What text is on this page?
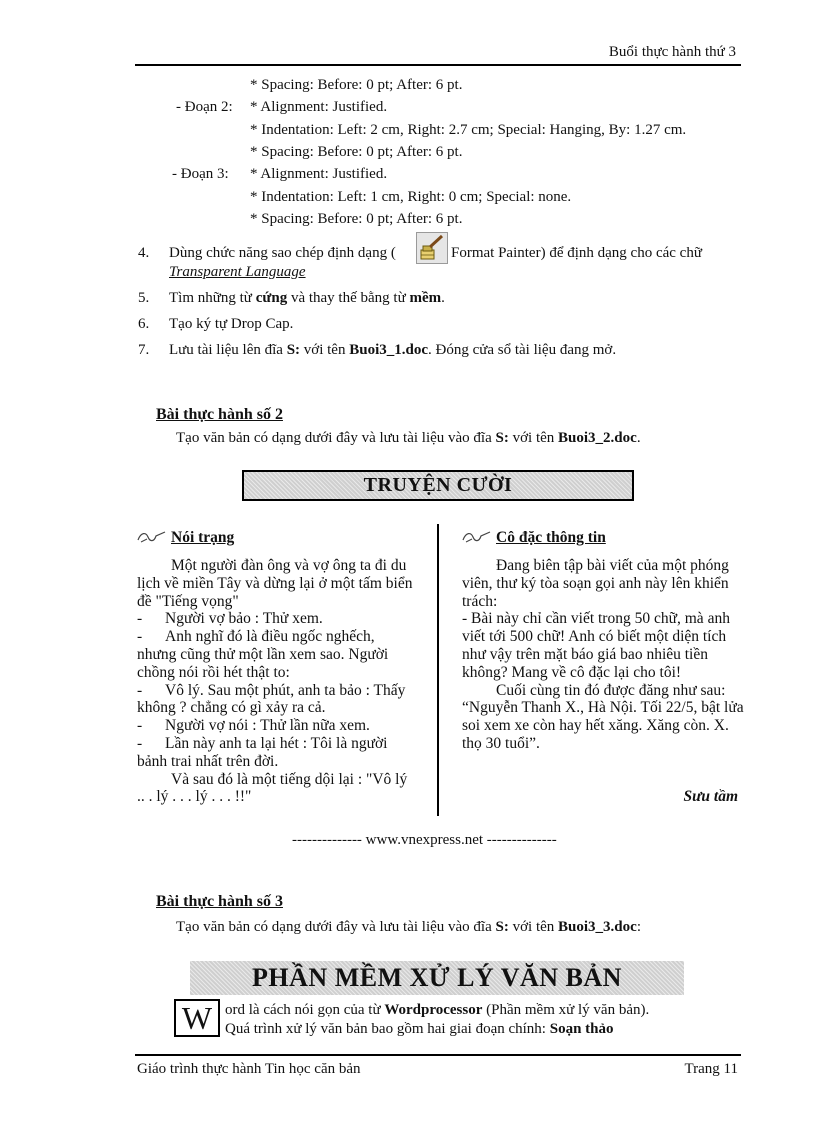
Buổi thực hành thứ 3
* Spacing: Before: 0 pt; After: 6 pt.
- Đoạn 2: * Alignment: Justified.
* Indentation: Left: 2 cm, Right: 2.7 cm; Special: Hanging, By: 1.27 cm.
* Spacing: Before: 0 pt; After: 6 pt.
- Đoạn 3: * Alignment: Justified.
* Indentation: Left: 1 cm, Right: 0 cm; Special: none.
* Spacing: Before: 0 pt; After: 6 pt.
4. Dùng chức năng sao chép định dạng (	Format Painter) để định dạng cho các chữ
Transparent Language
5. Tìm những từ cứng và thay thế bằng từ mềm.
6. Tạo ký tự Drop Cap.
7. Lưu tài liệu lên đĩa S: với tên Buoi3_1.doc. Đóng cửa sổ tài liệu đang mở.
Bài thực hành số 2
Tạo văn bản có dạng dưới đây và lưu tài liệu vào đĩa S: với tên Buoi3_2.doc.
TRUYỆN CƯỜI
Nói trạng

Một người đàn ông và vợ ông ta đi du lịch về miền Tây và dừng lại ở một tấm biển đề "Tiếng vọng"

-	Người vợ bảo : Thử xem.

- Anh nghĩ đó là điều ngốc nghếch, nhưng cũng thử một lần xem sao. Người chồng nói rồi hét thật to:

- Vô lý. Sau một phút, anh ta bảo : Thấy không ? chẳng có gì xảy ra cả.

-	Người vợ nói : Thử lần nữa xem.

- Lần này anh ta lại hét : Tôi là người bảnh trai nhất trên đời.

Và sau đó là một tiếng dội lại : "Vô lý .. . lý . . . lý . . . !!"

Cô đặc thông tin

Đang biên tập bài viết của một phóng viên, thư ký tòa soạn gọi anh này lên khiển trách:

- Bài này chỉ cần viết trong 50 chữ, mà anh viết tới 500 chữ! Anh có biết một diện tích như vậy trên mặt báo giá bao nhiêu tiền không? Mang về cô đặc lại cho tôi!

Cuối cùng tin đó được đăng như sau: “Nguyễn Thanh X., Hà Nội. Tối 22/5, bật lửa soi xem xe còn hay hết xăng. Xăng còn. X. thọ 30 tuổi”.

Sưu tầm
-------------- www.vnexpress.net --------------
Bài thực hành số 3
Tạo văn bản có dạng dưới đây và lưu tài liệu vào đĩa S: với tên Buoi3_3.doc:
PHẦN MỀM XỬ LÝ VĂN BẢN
W ord là cách nói gọn của từ Wordprocessor (Phần mềm xử lý văn bản).
Quá trình xử lý văn bản bao gồm hai giai đoạn chính: Soạn thảo
Giáo trình thực hành Tin học căn bản	Trang 11
